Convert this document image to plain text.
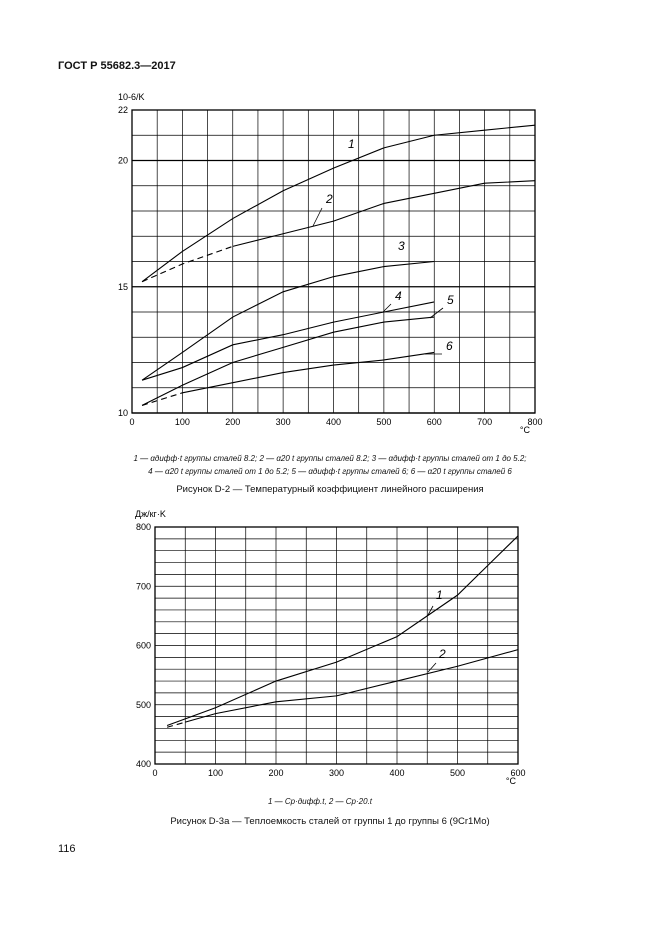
ГОСТ Р 55682.3—2017
0	100	200	300	400	500	600	700	800
10
15
20
22
10-6/K
°C
1
2
3
4	5
6
0	100	200	300	400	500	600
400
500
600
700
800
Дж/кг·K
°C
1
2
1 — αдифф·t группы сталей 8.2; 2 — α20 t группы сталей 8.2; 3 — αдифф·t группы сталей от 1 до 5.2;
4 — α20 t группы сталей от 1 до 5.2; 5 — αдифф·t группы сталей 6; 6 — α20 t группы сталей 6
Рисунок D-2 — Температурный коэффициент линейного расширения
1 — Cp·дифф.t, 2 — Cp·20.t
Рисунок D-3а — Теплоемкость сталей от группы 1 до группы 6 (9Cr1Mo)
116
